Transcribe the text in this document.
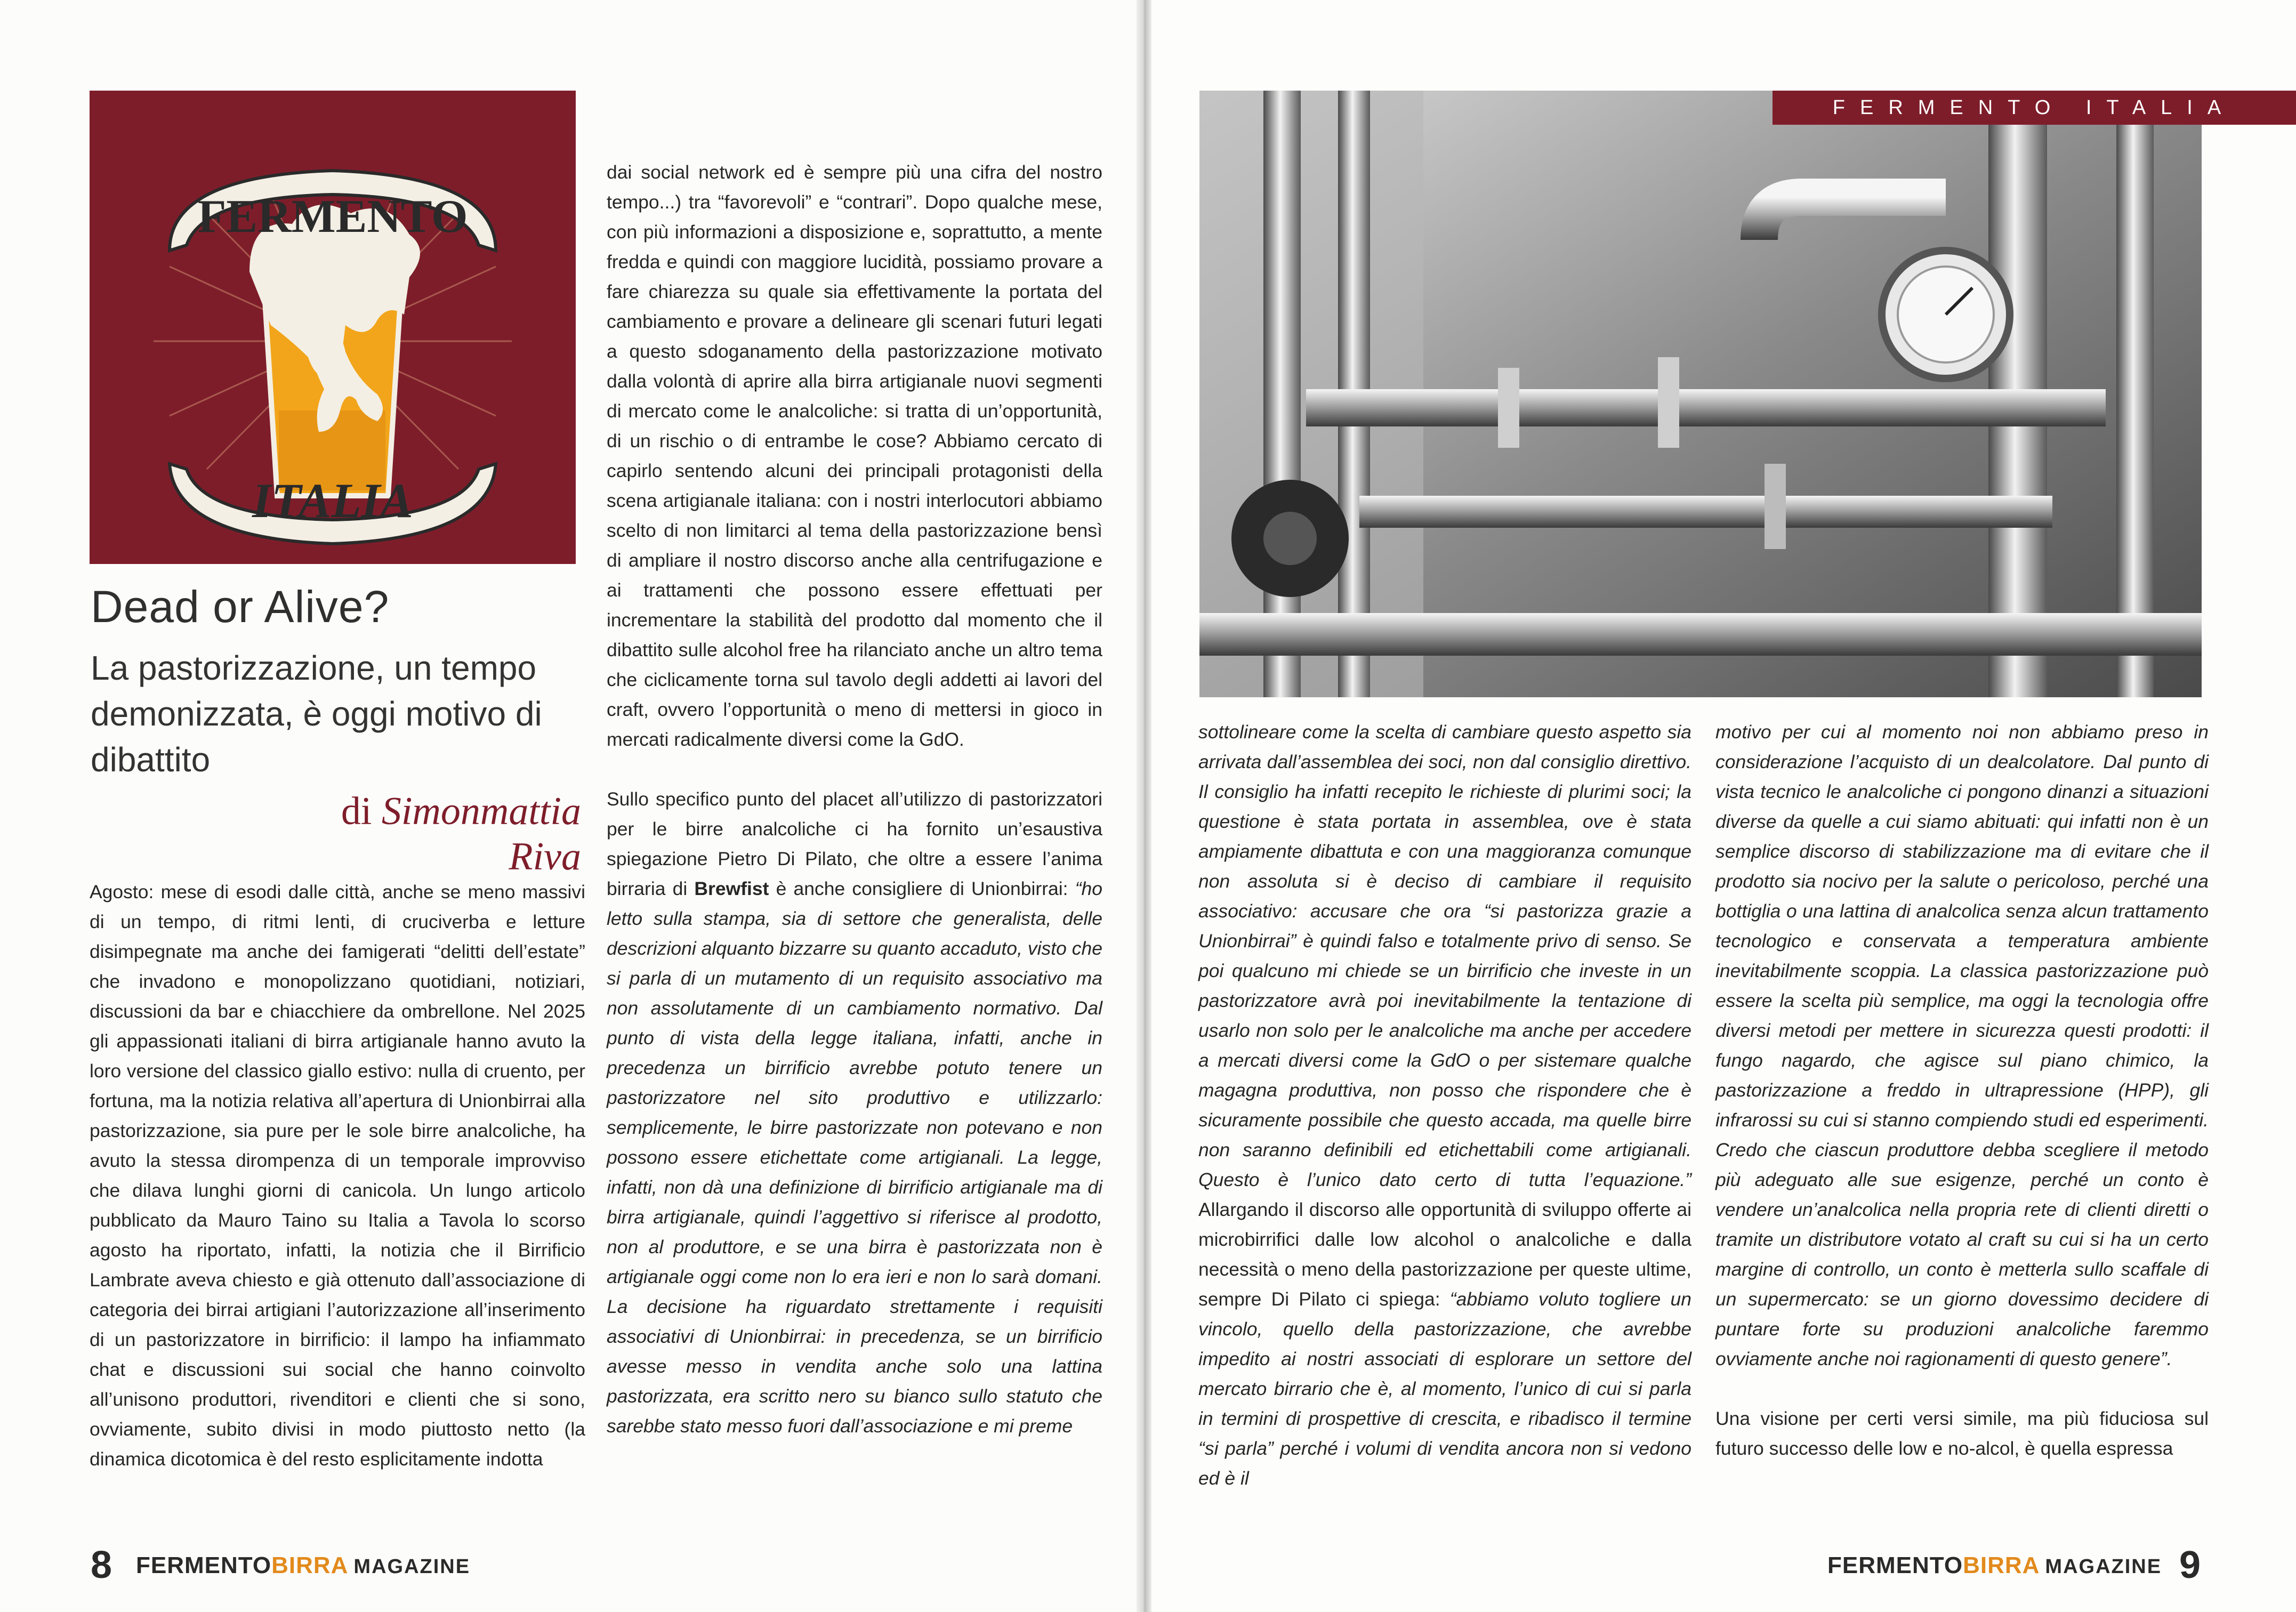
FERMENTO
ITALIA
Dead or Alive?
La pastorizzazione, un tempo demonizzata, è oggi motivo di dibattito
di Simonmattia Riva

Agosto: mese di esodi dalle città, anche se meno massivi di un tempo, di ritmi lenti, di cruciverba e letture disimpegnate ma anche dei famigerati “delitti dell’estate” che invadono e monopolizzano quotidiani, notiziari, discussioni da bar e chiacchiere da ombrellone. Nel 2025 gli appassionati italiani di birra artigianale hanno avuto la loro versione del classico giallo estivo: nulla di cruento, per fortuna, ma la notizia relativa all’apertura di Unionbirrai alla pastorizzazione, sia pure per le sole birre analcoliche, ha avuto la stessa dirompenza di un temporale improvviso che dilava lunghi giorni di canicola. Un lungo articolo pubblicato da Mauro Taino su Italia a Tavola lo scorso agosto ha riportato, infatti, la notizia che il Birrificio Lambrate aveva chiesto e già ottenuto dall’associazione di categoria dei birrai artigiani l’autorizzazione all’inserimento di un pastorizzatore in birrificio: il lampo ha infiammato chat e discussioni sui social che hanno coinvolto all’unisono produttori, rivenditori e clienti che si sono, ovviamente, subito divisi in modo piuttosto netto (la dinamica dicotomica è del resto esplicitamente indotta

dai social network ed è sempre più una cifra del nostro tempo...) tra “favorevoli” e “contrari”. Dopo qualche mese, con più informazioni a disposizione e, soprattutto, a mente fredda e quindi con maggiore lucidità, possiamo provare a fare chiarezza su quale sia effettivamente la portata del cambiamento e provare a delineare gli scenari futuri legati a questo sdoganamento della pastorizzazione motivato dalla volontà di aprire alla birra artigianale nuovi segmenti di mercato come le analcoliche: si tratta di un’opportunità, di un rischio o di entrambe le cose? Abbiamo cercato di capirlo sentendo alcuni dei principali protagonisti della scena artigianale italiana: con i nostri interlocutori abbiamo scelto di non limitarci al tema della pastorizzazione bensì di ampliare il nostro discorso anche alla centrifugazione e ai trattamenti che possono essere effettuati per incrementare la stabilità del prodotto dal momento che il dibattito sulle alcohol free ha rilanciato anche un altro tema che ciclicamente torna sul tavolo degli addetti ai lavori del craft, ovvero l’opportunità o meno di mettersi in gioco in mercati radicalmente diversi come la GdO.

Sullo specifico punto del placet all’utilizzo di pastorizzatori per le birre analcoliche ci ha fornito un’esaustiva spiegazione Pietro Di Pilato, che oltre a essere l’anima birraria di Brewfist è anche consigliere di Unionbirrai: “ho letto sulla stampa, sia di settore che generalista, delle descrizioni alquanto bizzarre su quanto accaduto, visto che si parla di un mutamento di un requisito associativo ma non assolutamente di un cambiamento normativo. Dal punto di vista della legge italiana, infatti, anche in precedenza un birrificio avrebbe potuto tenere un pastorizzatore nel sito produttivo e utilizzarlo: semplicemente, le birre pastorizzate non potevano e non possono essere etichettate come artigianali. La legge, infatti, non dà una definizione di birrificio artigianale ma di birra artigianale, quindi l’aggettivo si riferisce al prodotto, non al produttore, e se una birra è pastorizzata non è artigianale oggi come non lo era ieri e non lo sarà domani. La decisione ha riguardato strettamente i requisiti associativi di Unionbirrai: in precedenza, se un birrificio avesse messo in vendita anche solo una lattina pastorizzata, era scritto nero su bianco sullo statuto che sarebbe stato messo fuori dall’associazione e mi preme

8 FERMENTOBIRRA MAGAZINE
FERMENTO ITALIA

sottolineare come la scelta di cambiare questo aspetto sia arrivata dall’assemblea dei soci, non dal consiglio direttivo. Il consiglio ha infatti recepito le richieste di plurimi soci; la questione è stata portata in assemblea, ove è stata ampiamente dibattuta e con una maggioranza comunque non assoluta si è deciso di cambiare il requisito associativo: accusare che ora “si pastorizza grazie a Unionbirrai” è quindi falso e totalmente privo di senso. Se poi qualcuno mi chiede se un birrificio che investe in un pastorizzatore avrà poi inevitabilmente la tentazione di usarlo non solo per le analcoliche ma anche per accedere a mercati diversi come la GdO o per sistemare qualche magagna produttiva, non posso che rispondere che è sicuramente possibile che questo accada, ma quelle birre non saranno definibili ed etichettabili come artigianali. Questo è l’unico dato certo di tutta l’equazione.” Allargando il discorso alle opportunità di sviluppo offerte ai microbirrifici dalle low alcohol o analcoliche e dalla necessità o meno della pastorizzazione per queste ultime, sempre Di Pilato ci spiega: “abbiamo voluto togliere un vincolo, quello della pastorizzazione, che avrebbe impedito ai nostri associati di esplorare un settore del mercato birrario che è, al momento, l’unico di cui si parla in termini di prospettive di crescita, e ribadisco il termine “si parla” perché i volumi di vendita ancora non si vedono ed è il

motivo per cui al momento noi non abbiamo preso in considerazione l’acquisto di un dealcolatore. Dal punto di vista tecnico le analcoliche ci pongono dinanzi a situazioni diverse da quelle a cui siamo abituati: qui infatti non è un semplice discorso di stabilizzazione ma di evitare che il prodotto sia nocivo per la salute o pericoloso, perché una bottiglia o una lattina di analcolica senza alcun trattamento tecnologico e conservata a temperatura ambiente inevitabilmente scoppia. La classica pastorizzazione può essere la scelta più semplice, ma oggi la tecnologia offre diversi metodi per mettere in sicurezza questi prodotti: il fungo nagardo, che agisce sul piano chimico, la pastorizzazione a freddo in ultrapressione (HPP), gli infrarossi su cui si stanno compiendo studi ed esperimenti. Credo che ciascun produttore debba scegliere il metodo più adeguato alle sue esigenze, perché un conto è vendere un’analcolica nella propria rete di clienti diretti o tramite un distributore votato al craft su cui si ha un certo margine di controllo, un conto è metterla sullo scaffale di un supermercato: se un giorno dovessimo decidere di puntare forte su produzioni analcoliche faremmo ovviamente anche noi ragionamenti di questo genere”.

Una visione per certi versi simile, ma più fiduciosa sul futuro successo delle low e no-alcol, è quella espressa

FERMENTOBIRRA MAGAZINE 9
